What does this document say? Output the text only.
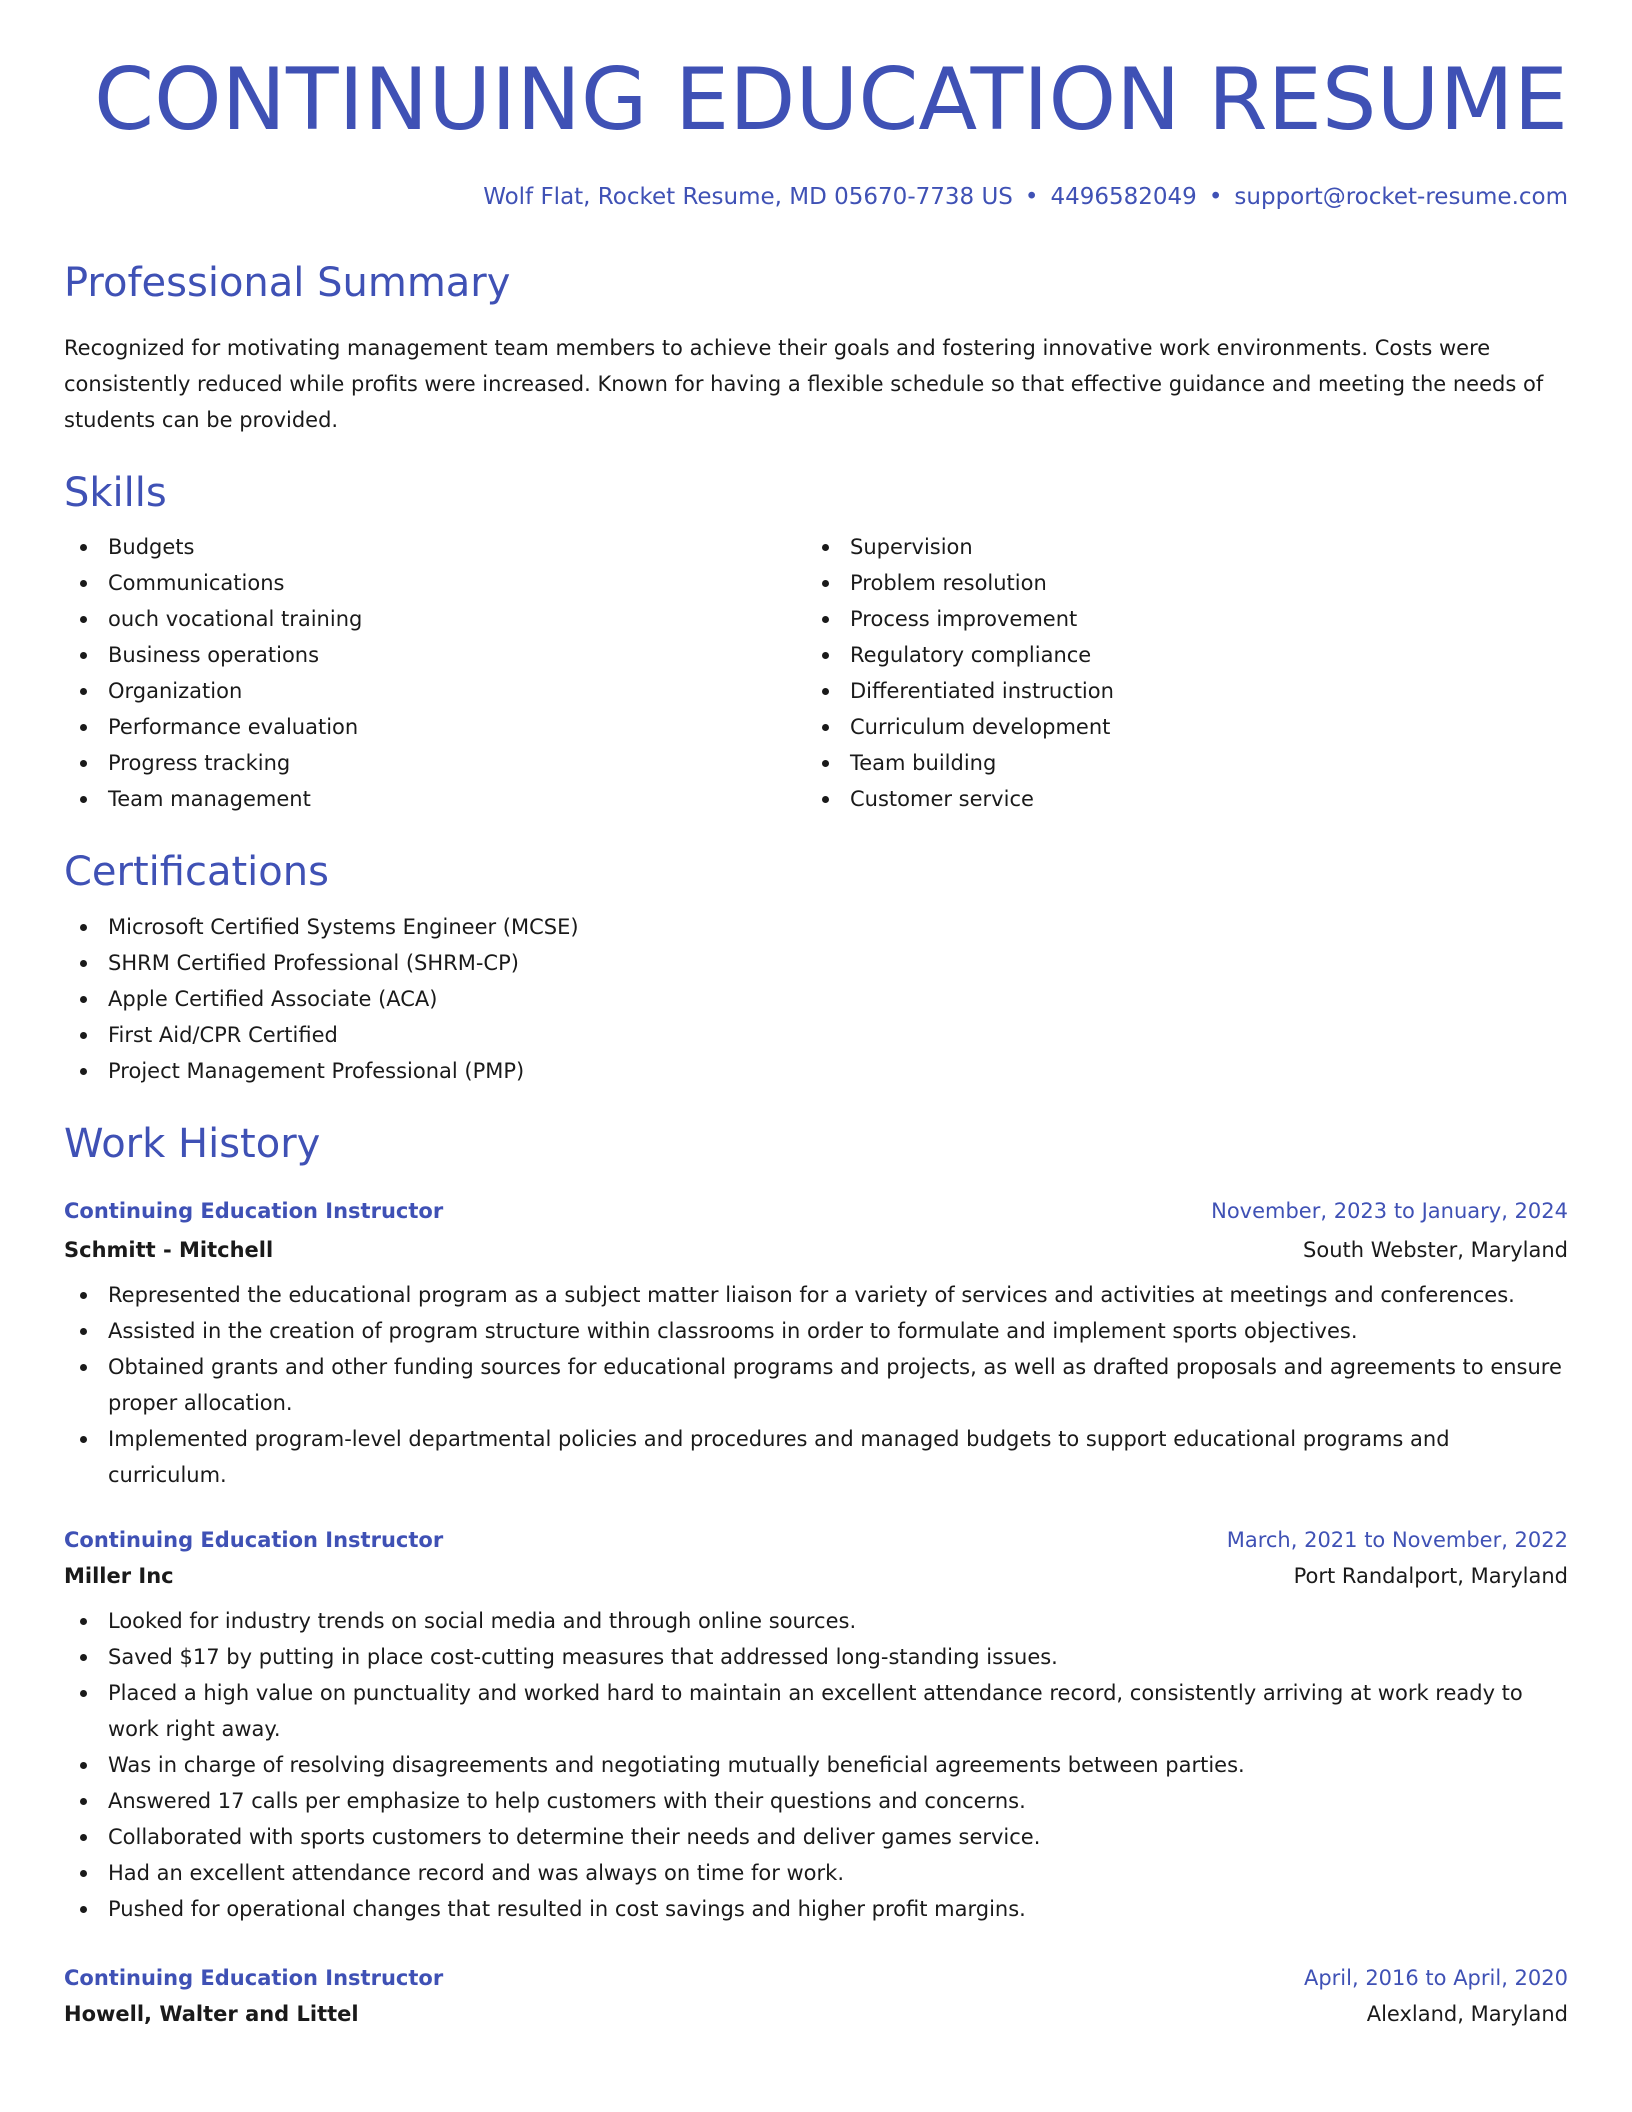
CONTINUING EDUCATION RESUME
Wolf Flat, Rocket Resume, MD 05670-7738 US • 4496582049 • support@rocket-resume.com
Professional Summary

Recognized for motivating management team members to achieve their goals and fostering innovative work environments. Costs were consistently reduced while profits were increased. Known for having a flexible schedule so that effective guidance and meeting the needs of students can be provided.

Skills
Budgets
Communications
ouch vocational training
Business operations
Organization
Performance evaluation
Progress tracking
Team management
Supervision
Problem resolution
Process improvement
Regulatory compliance
Differentiated instruction
Curriculum development
Team building
Customer service
Certifications
Microsoft Certified Systems Engineer (MCSE)
SHRM Certified Professional (SHRM-CP)
Apple Certified Associate (ACA)
First Aid/CPR Certified
Project Management Professional (PMP)
Work History
Continuing Education Instructor	November, 2023 to January, 2024
Schmitt - Mitchell	South Webster, Maryland
Represented the educational program as a subject matter liaison for a variety of services and activities at meetings and conferences.
Assisted in the creation of program structure within classrooms in order to formulate and implement sports objectives.
Obtained grants and other funding sources for educational programs and projects, as well as drafted proposals and agreements to ensure proper allocation.
Implemented program-level departmental policies and procedures and managed budgets to support educational programs and curriculum.
Continuing Education Instructor	March, 2021 to November, 2022
Miller Inc	Port Randalport, Maryland
Looked for industry trends on social media and through online sources.
Saved $17 by putting in place cost-cutting measures that addressed long-standing issues.
Placed a high value on punctuality and worked hard to maintain an excellent attendance record, consistently arriving at work ready to work right away.
Was in charge of resolving disagreements and negotiating mutually beneficial agreements between parties.
Answered 17 calls per emphasize to help customers with their questions and concerns.
Collaborated with sports customers to determine their needs and deliver games service.
Had an excellent attendance record and was always on time for work.
Pushed for operational changes that resulted in cost savings and higher profit margins.
Continuing Education Instructor	April, 2016 to April, 2020
Howell, Walter and Littel	Alexland, Maryland
